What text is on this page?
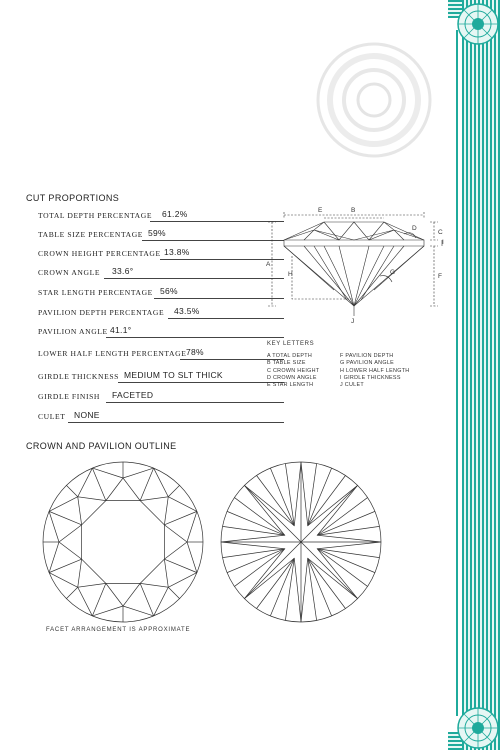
CUT PROPORTIONS
TOTAL DEPTH PERCENTAGE 61.2%
TABLE SIZE PERCENTAGE 59%
CROWN HEIGHT PERCENTAGE 13.8%
CROWN ANGLE 33.6°
STAR LENGTH PERCENTAGE 56%
PAVILION DEPTH PERCENTAGE 43.5%
PAVILION ANGLE 41.1°
LOWER HALF LENGTH PERCENTAGE 78%
GIRDLE THICKNESS MEDIUM TO SLT THICK
GIRDLE FINISH FACETED
CULET NONE
A
B
C
D
E
F
G
H
I
J
KEY LETTERS
A TOTAL DEPTH
B TABLE SIZE
C CROWN HEIGHT
D CROWN ANGLE
E STAR LENGTH
F PAVILION DEPTH
G PAVILION ANGLE
H LOWER HALF LENGTH
I GIRDLE THICKNESS
J CULET
CROWN AND PAVILION OUTLINE
FACET ARRANGEMENT IS APPROXIMATE
